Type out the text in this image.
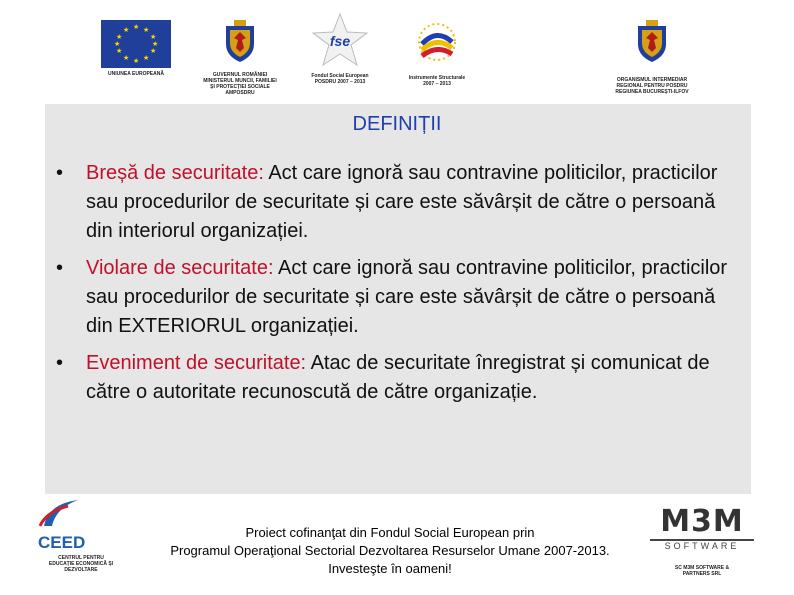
★ ★
★
★
★
★
★
★
★
★
★
★
UNIUNEA EUROPEANĂ	GUVERNUL ROMÂNIEI
MINISTERUL MUNCII, FAMILIEI
ȘI PROTECȚIEI SOCIALE
AMPOSDRU
fse
Fondul Social European
POSDRU 2007 – 2013
Instrumente Structurale
2007 – 2013
ORGANISMUL INTERMEDIAR
REGIONAL PENTRU POSDRU
REGIUNEA BUCUREȘTI-ILFOV
DEFINIȚII
• Breșă de securitate: Act care ignoră sau contravine politicilor, practicilor sau procedurilor de securitate și care este săvârșit de către o persoană din interiorul organizației.
• Violare de securitate: Act care ignoră sau contravine politicilor, practicilor sau procedurilor de securitate și care este săvârșit de către o persoană din EXTERIORUL organizației.
• Eveniment de securitate: Atac de securitate înregistrat și comunicat de către o autoritate recunoscută de către organizație.
CEED
CENTRUL PENTRU
EDUCAȚIE ECONOMICĂ ȘI
DEZVOLTARE
Proiect cofinanţat din Fondul Social European prin
Programul Operaţional Sectorial Dezvoltarea Resurselor Umane 2007-2013.
Investeşte în oameni!
M3M
SOFTWARE
SC M3M SOFTWARE &
PARTNERS SRL
